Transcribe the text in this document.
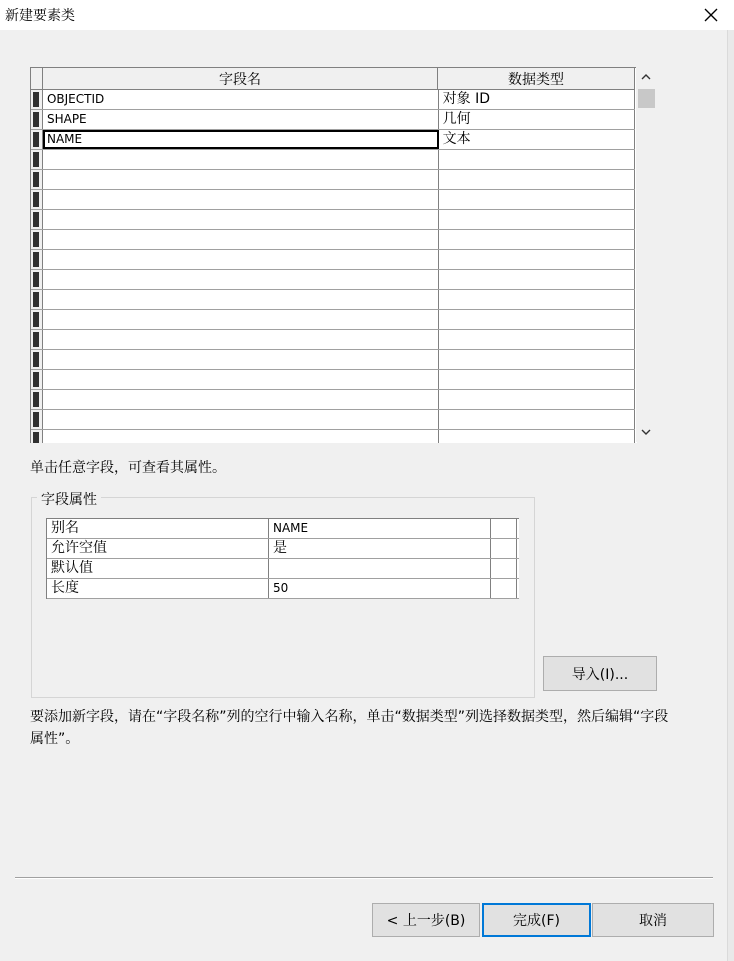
新建要素类
字段名	数据类型
OBJECTID	对象 ID
SHAPE	几何
NAME	文本
单击任意字段，可查看其属性。
字段属性
别名	NAME
允许空值	是
默认值
长度	50
导入(I)...
要添加新字段，请在“字段名称”列的空行中输入名称，单击“数据类型”列选择数据类型，然后编辑“字段属性”。
< 上一步(B)	完成(F)	取消
